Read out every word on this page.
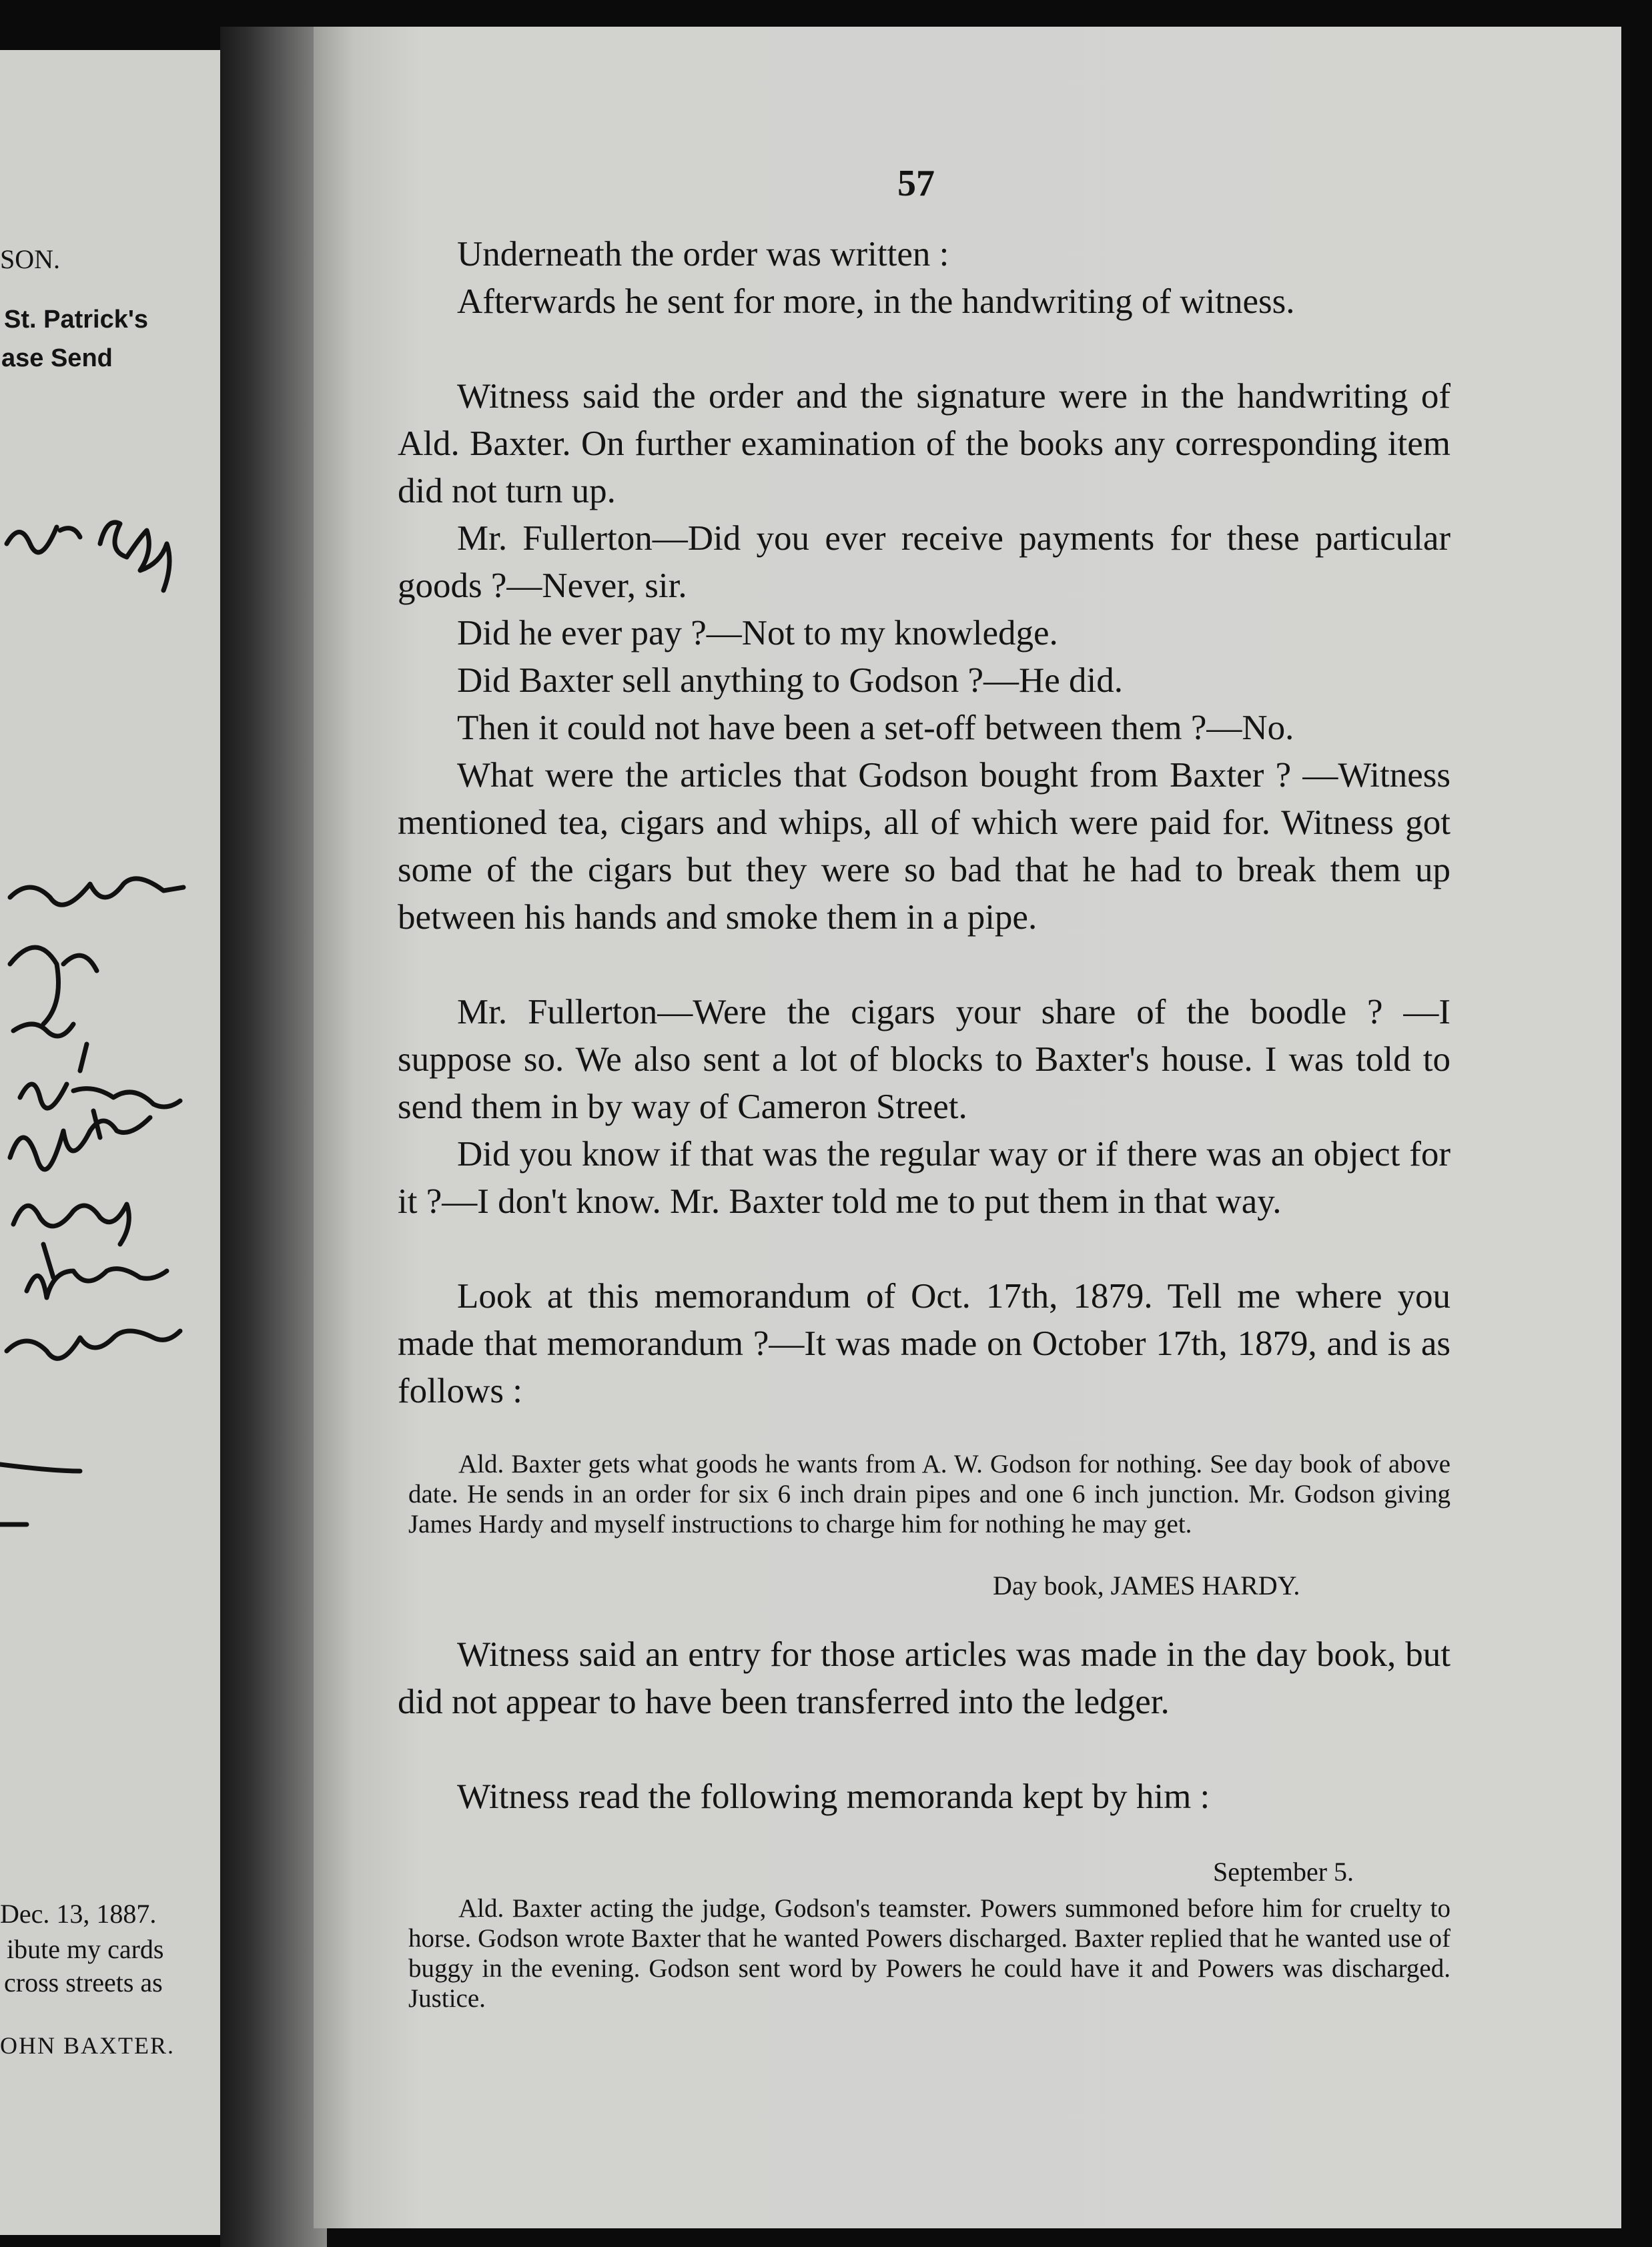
SON.
St. Patrick's
ase Send
Dec. 13, 1887.
ibute my cards
cross streets as
OHN BAXTER.
57

Underneath the order was written :

Afterwards he sent for more, in the handwriting of witness.

Witness said the order and the signature were in the handwriting of Ald. Baxter. On further examination of the books any corresponding item did not turn up.

Mr. Fullerton—Did you ever receive payments for these particular goods ?—Never, sir.

Did he ever pay ?—Not to my knowledge.

Did Baxter sell anything to Godson ?—He did.

Then it could not have been a set-off between them ?—No.

What were the articles that Godson bought from Baxter ? —Witness mentioned tea, cigars and whips, all of which were paid for. Witness got some of the cigars but they were so bad that he had to break them up between his hands and smoke them in a pipe.

Mr. Fullerton—Were the cigars your share of the boodle ? —I suppose so. We also sent a lot of blocks to Baxter's house. I was told to send them in by way of Cameron Street.

Did you know if that was the regular way or if there was an object for it ?—I don't know. Mr. Baxter told me to put them in that way.

Look at this memorandum of Oct. 17th, 1879. Tell me where you made that memorandum ?—It was made on October 17th, 1879, and is as follows :

Ald. Baxter gets what goods he wants from A. W. Godson for nothing. See day book of above date. He sends in an order for six 6 inch drain pipes and one 6 inch junction. Mr. Godson giving James Hardy and myself instructions to charge him for nothing he may get.

Day book, JAMES HARDY.

Witness said an entry for those articles was made in the day book, but did not appear to have been transferred into the ledger.

Witness read the following memoranda kept by him :

September 5.

Ald. Baxter acting the judge, Godson's teamster. Powers summoned before him for cruelty to horse. Godson wrote Baxter that he wanted Powers discharged. Baxter replied that he wanted use of buggy in the evening. Godson sent word by Powers he could have it and Powers was discharged. Justice.
